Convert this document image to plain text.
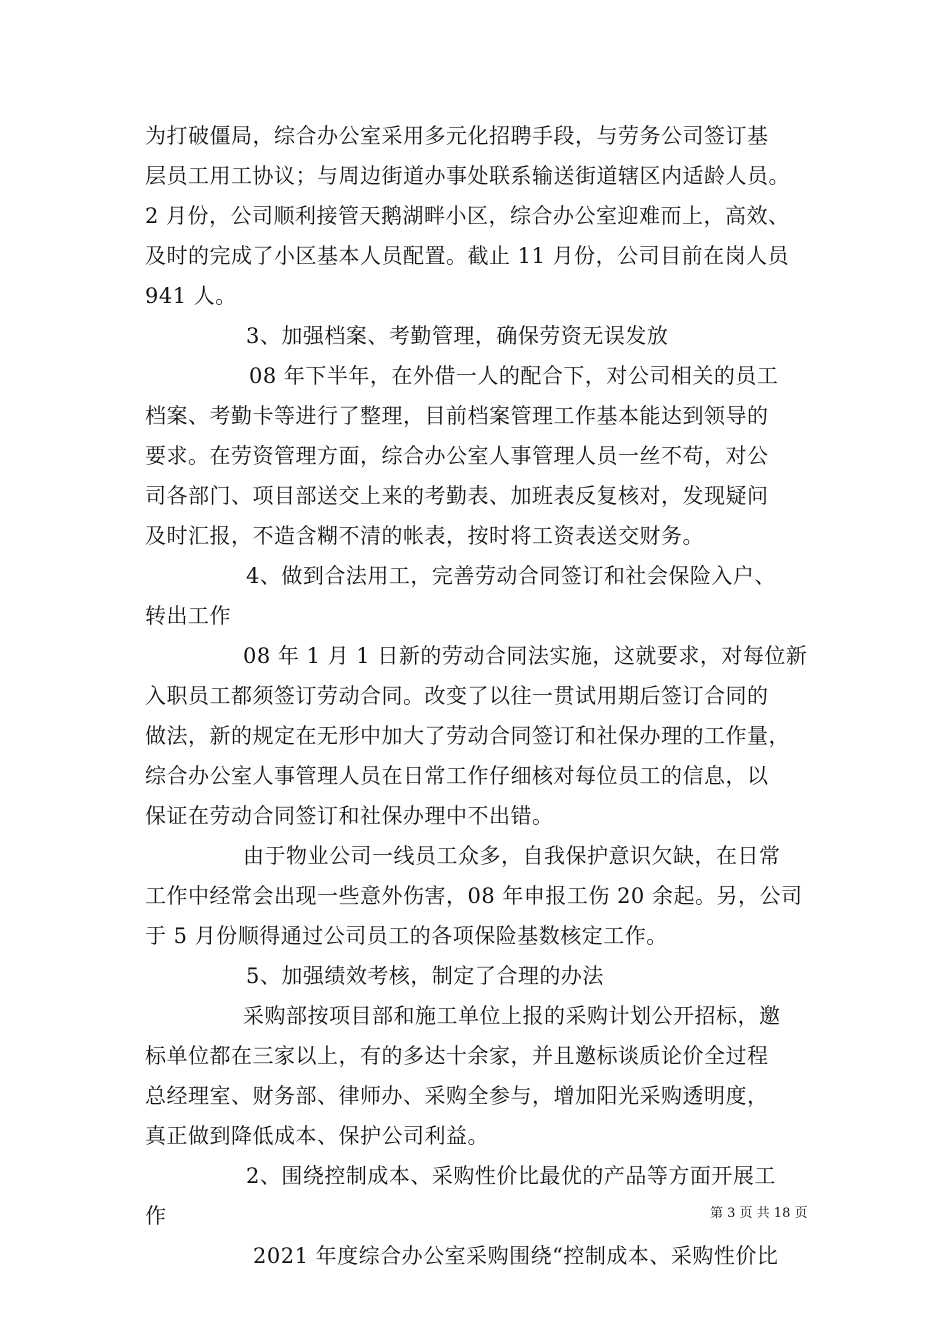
为打破僵局，综合办公室采用多元化招聘手段，与劳务公司签订基
层员工用工协议；与周边街道办事处联系输送街道辖区内适龄人员。
2 月份，公司顺利接管天鹅湖畔小区，综合办公室迎难而上，高效、
及时的完成了小区基本人员配置。截止 11 月份，公司目前在岗人员
941 人。
3、加强档案、考勤管理，确保劳资无误发放
08 年下半年，在外借一人的配合下，对公司相关的员工
档案、考勤卡等进行了整理，目前档案管理工作基本能达到领导的
要求。在劳资管理方面，综合办公室人事管理人员一丝不苟，对公
司各部门、项目部送交上来的考勤表、加班表反复核对，发现疑问
及时汇报，不造含糊不清的帐表，按时将工资表送交财务。
4、做到合法用工，完善劳动合同签订和社会保险入户、
转出工作
08 年 1 月 1 日新的劳动合同法实施，这就要求，对每位新
入职员工都须签订劳动合同。改变了以往一贯试用期后签订合同的
做法，新的规定在无形中加大了劳动合同签订和社保办理的工作量，
综合办公室人事管理人员在日常工作仔细核对每位员工的信息，以
保证在劳动合同签订和社保办理中不出错。
由于物业公司一线员工众多，自我保护意识欠缺，在日常
工作中经常会出现一些意外伤害，08 年申报工伤 20 余起。另，公司
于 5 月份顺得通过公司员工的各项保险基数核定工作。
5、加强绩效考核，制定了合理的办法
采购部按项目部和施工单位上报的采购计划公开招标，邀
标单位都在三家以上，有的多达十余家，并且邀标谈质论价全过程
总经理室、财务部、律师办、采购全参与，增加阳光采购透明度，
真正做到降低成本、保护公司利益。
2、围绕控制成本、采购性价比最优的产品等方面开展工
作
2021 年度综合办公室采购围绕“控制成本、采购性价比
第 3 页 共 18 页
